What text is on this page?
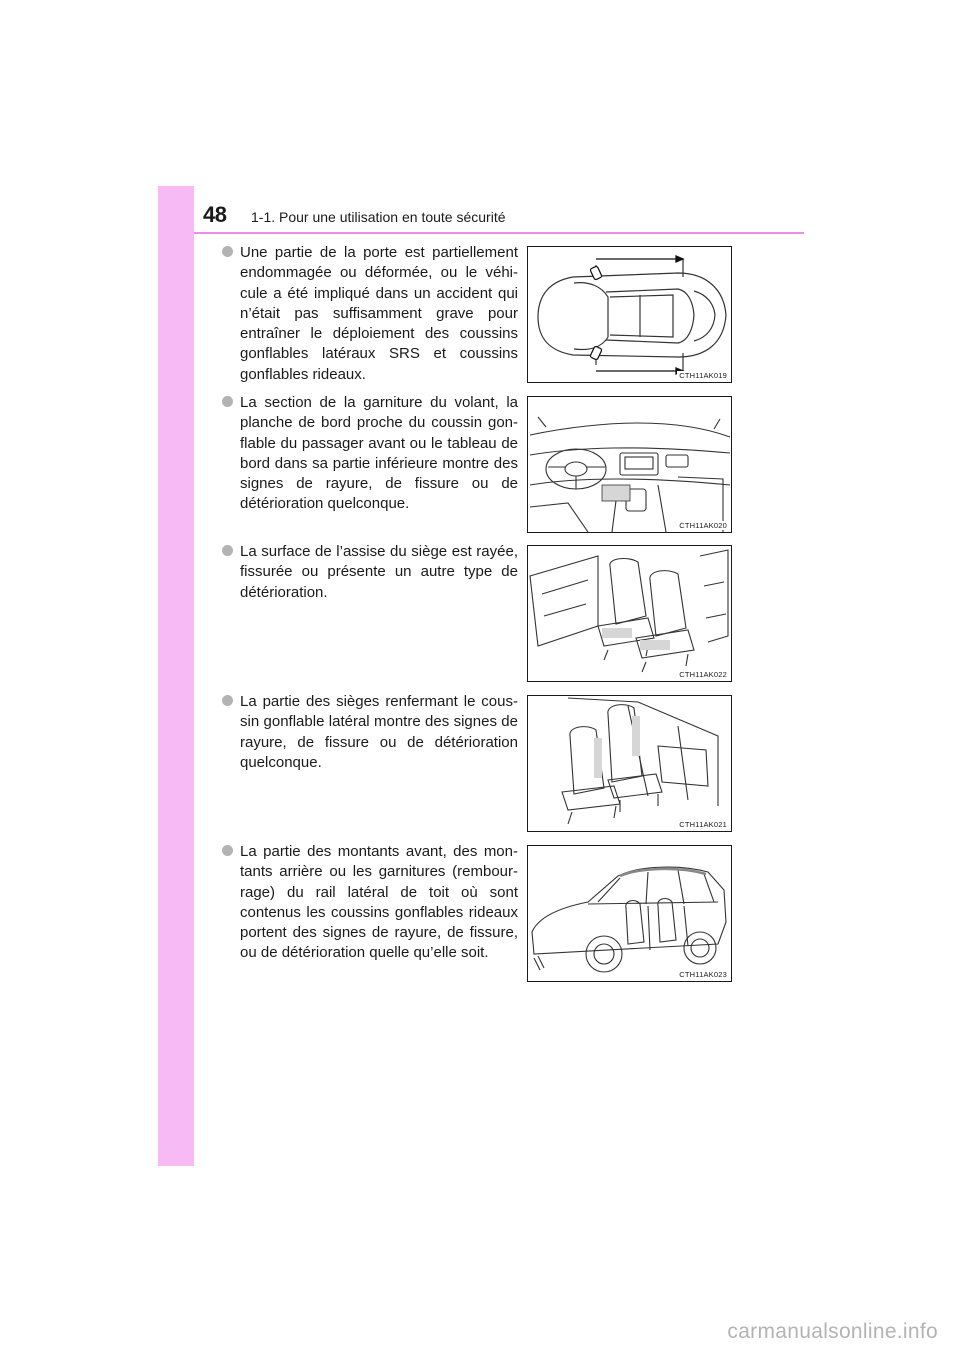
48 1-1. Pour une utilisation en toute sécurité
Une partie de la porte est partiellement endommagée ou déformée, ou le véhi-cule a été impliqué dans un accident qui n’était pas suffisamment grave pour entraîner le déploiement des coussins gonflables latéraux SRS et coussins gonflables rideaux.	CTH11AK019
La section de la garniture du volant, la planche de bord proche du coussin gon-flable du passager avant ou le tableau de bord dans sa partie inférieure montre des signes de rayure, de fissure ou de détérioration quelconque.
CTH11AK020
La surface de l’assise du siège est rayée, fissurée ou présente un autre type de détérioration.
CTH11AK022
La partie des sièges renfermant le cous-sin gonflable latéral montre des signes de rayure, de fissure ou de détérioration quelconque.
CTH11AK021
La partie des montants avant, des mon-tants arrière ou les garnitures (rembour-rage) du rail latéral de toit où sont contenus les coussins gonflables rideaux portent des signes de rayure, de fissure, ou de détérioration quelle qu’elle soit.
CTH11AK023
carmanualsonline.info
